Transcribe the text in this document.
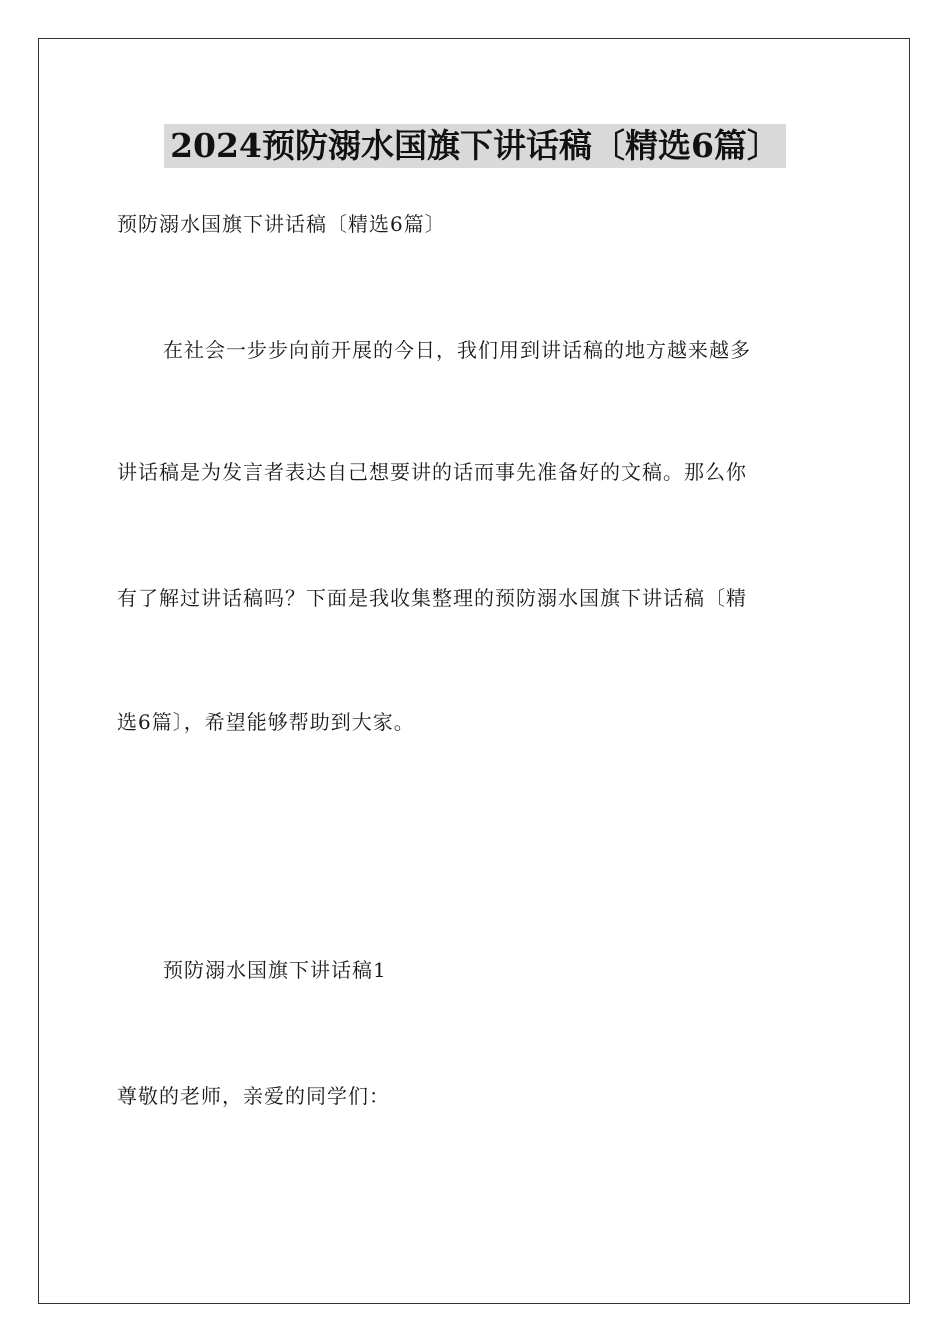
2024预防溺水国旗下讲话稿〔精选6篇〕
预防溺水国旗下讲话稿〔精选6篇〕
在社会一步步向前开展的今日，我们用到讲话稿的地方越来越多
讲话稿是为发言者表达自己想要讲的话而事先准备好的文稿。那么你
有了解过讲话稿吗？下面是我收集整理的预防溺水国旗下讲话稿〔精
选6篇〕，希望能够帮助到大家。
预防溺水国旗下讲话稿1
尊敬的老师，亲爱的同学们：
